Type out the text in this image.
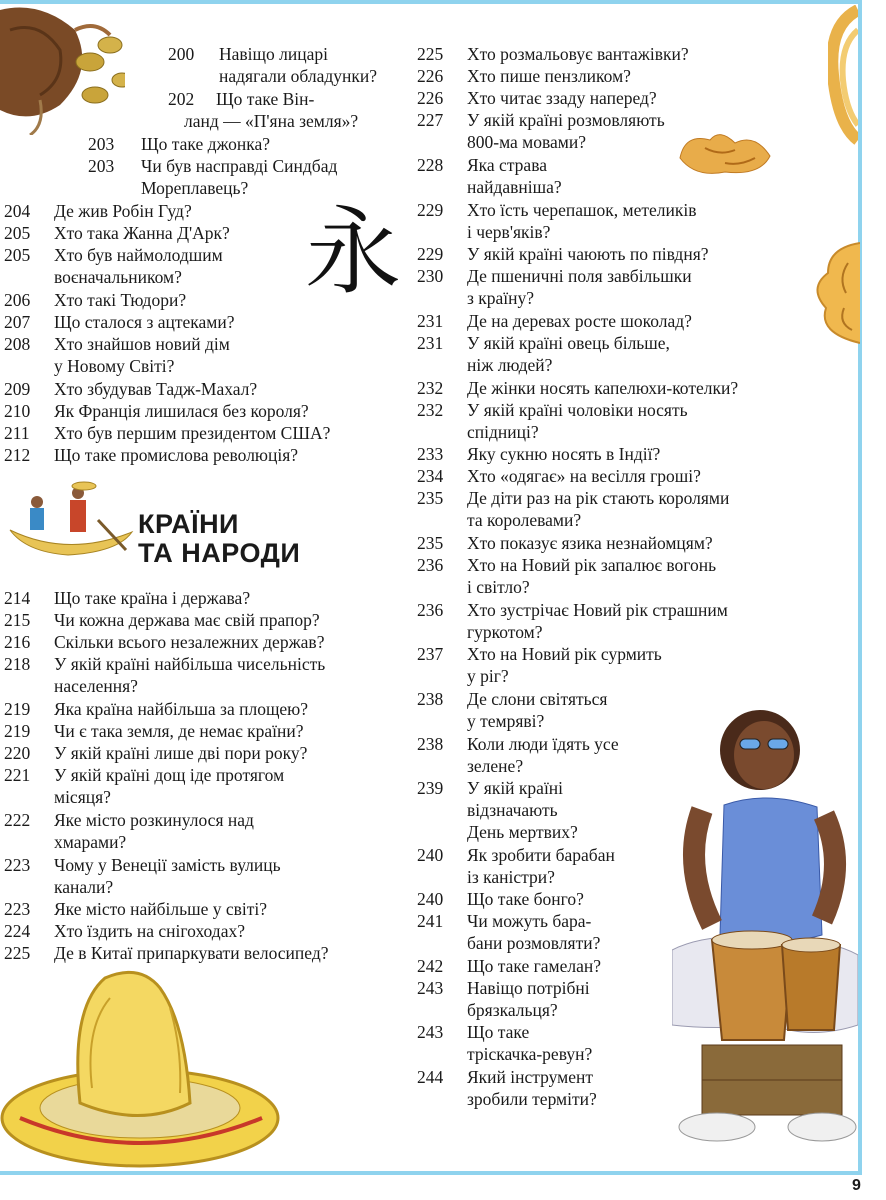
永
200 Навіщо лицарі
надягали обладунки?
202 Що таке Він-
ланд — «П'яна земля»?
203 Що таке джонка?
203 Чи був насправді Синдбад
Мореплавець?
204 Де жив Робін Гуд?
205 Хто така Жанна Д'Арк?
205 Хто був наймолодшим
воєначальником?
206 Хто такі Тюдори?
207 Що сталося з ацтеками?
208 Хто знайшов новий дім
у Новому Світі?
209 Хто збудував Тадж-Махал?
210 Як Франція лишилася без короля?
211 Хто був першим президентом США?
212 Що таке промислова революція?
КРАЇНИ
ТА НАРОДИ
214 Що таке країна і держава?
215 Чи кожна держава має свій прапор?
216 Скільки всього незалежних держав?
218 У якій країні найбільша чисельність
населення?
219 Яка країна найбільша за площею?
219 Чи є така земля, де немає країни?
220 У якій країні лише дві пори року?
221 У якій країні дощ іде протягом
місяця?
222 Яке місто розкинулося над
хмарами?
223 Чому у Венеції замість вулиць
канали?
223 Яке місто найбільше у світі?
224 Хто їздить на снігоходах?
225 Де в Китаї припаркувати велосипед?
225 Хто розмальовує вантажівки?
226 Хто пише пензликом?
226 Хто читає ззаду наперед?
227 У якій країні розмовляють
800-ма мовами?
228 Яка страва
найдавніша?
229 Хто їсть черепашок, метеликів
і черв'яків?
229 У якій країні чаюють по півдня?
230 Де пшеничні поля завбільшки
з країну?
231 Де на деревах росте шоколад?
231 У якій країні овець більше,
ніж людей?
232 Де жінки носять капелюхи-котелки?
232 У якій країні чоловіки носять
спідниці?
233 Яку сукню носять в Індії?
234 Хто «одягає» на весілля гроші?
235 Де діти раз на рік стають королями
та королевами?
235 Хто показує язика незнайомцям?
236 Хто на Новий рік запалює вогонь
і світло?
236 Хто зустрічає Новий рік страшним
гуркотом?
237 Хто на Новий рік сурмить
у ріг?
238 Де слони світяться
у темряві?
238 Коли люди їдять усе
зелене?
239 У якій країні
відзначають
День мертвих?
240 Як зробити барабан
із каністри?
240 Що таке бонго?
241 Чи можуть бара-
бани розмовляти?
242 Що таке гамелан?
243 Навіщо потрібні
брязкальця?
243 Що таке
тріскачка-ревун?
244 Який інструмент
зробили терміти?
9
